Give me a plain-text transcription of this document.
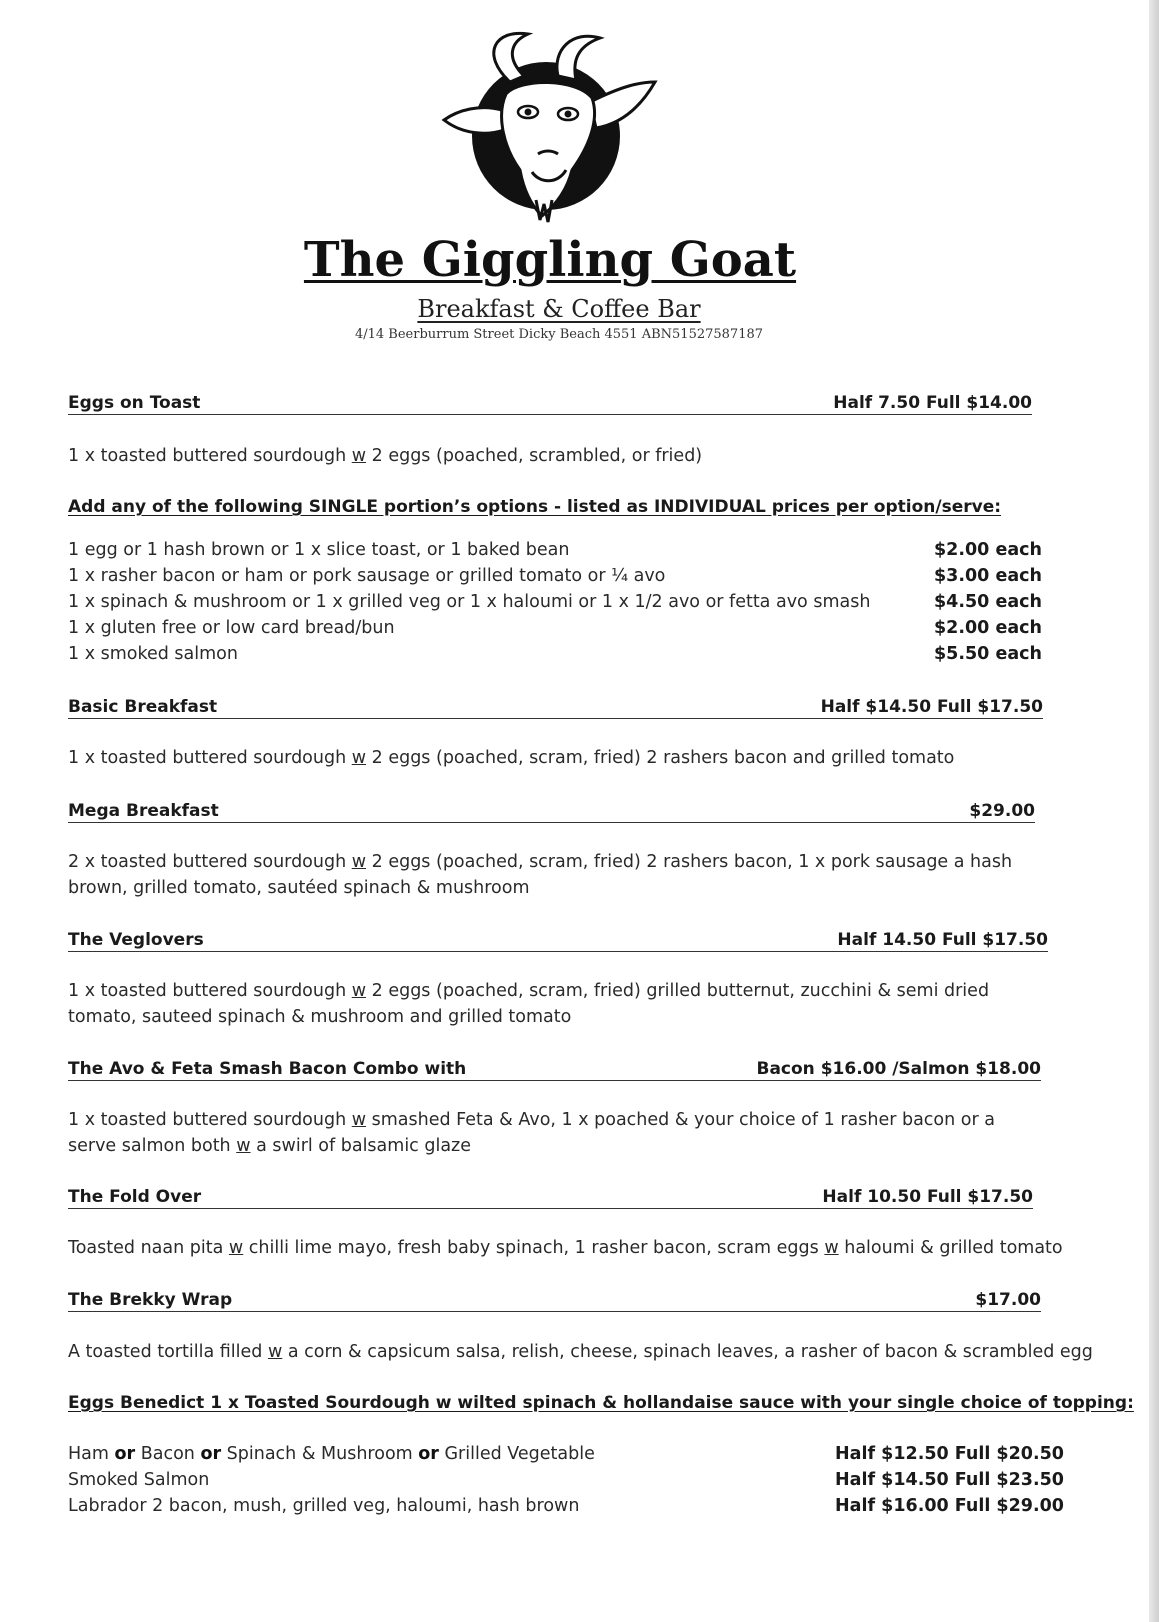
The Giggling Goat
Breakfast & Coffee Bar
4/14 Beerburrum Street Dicky Beach 4551 ABN51527587187
Eggs on Toast	Half 7.50 Full $14.00
1 x toasted buttered sourdough w 2 eggs (poached, scrambled, or fried)
Add any of the following SINGLE portion’s options - listed as INDIVIDUAL prices per option/serve:
1 egg or 1 hash brown or 1 x slice toast, or 1 baked bean	$2.00 each
1 x rasher bacon or ham or pork sausage or grilled tomato or ¼ avo	$3.00 each
1 x spinach & mushroom or 1 x grilled veg or 1 x haloumi or 1 x 1/2 avo or fetta avo smash	$4.50 each
1 x gluten free or low card bread/bun	$2.00 each
1 x smoked salmon	$5.50 each
Basic Breakfast	Half $14.50 Full $17.50
1 x toasted buttered sourdough w 2 eggs (poached, scram, fried) 2 rashers bacon and grilled tomato
Mega Breakfast	$29.00
2 x toasted buttered sourdough w 2 eggs (poached, scram, fried) 2 rashers bacon, 1 x pork sausage a hash brown, grilled tomato, sautéed spinach & mushroom
The Veglovers	Half 14.50 Full $17.50
1 x toasted buttered sourdough w 2 eggs (poached, scram, fried) grilled butternut, zucchini & semi dried tomato, sauteed spinach & mushroom and grilled tomato
The Avo & Feta Smash Bacon Combo with	Bacon $16.00 /Salmon $18.00
1 x toasted buttered sourdough w smashed Feta & Avo, 1 x poached & your choice of 1 rasher bacon or a serve salmon both w a swirl of balsamic glaze
The Fold Over	Half 10.50 Full $17.50
Toasted naan pita w chilli lime mayo, fresh baby spinach, 1 rasher bacon, scram eggs w haloumi & grilled tomato
The Brekky Wrap	$17.00
A toasted tortilla filled w a corn & capsicum salsa, relish, cheese, spinach leaves, a rasher of bacon & scrambled egg
Eggs Benedict 1 x Toasted Sourdough w wilted spinach & hollandaise sauce with your single choice of topping:
Ham or Bacon or Spinach & Mushroom or Grilled Vegetable	Half $12.50 Full $20.50
Smoked Salmon	Half $14.50 Full $23.50
Labrador 2 bacon, mush, grilled veg, haloumi, hash brown	Half $16.00 Full $29.00
